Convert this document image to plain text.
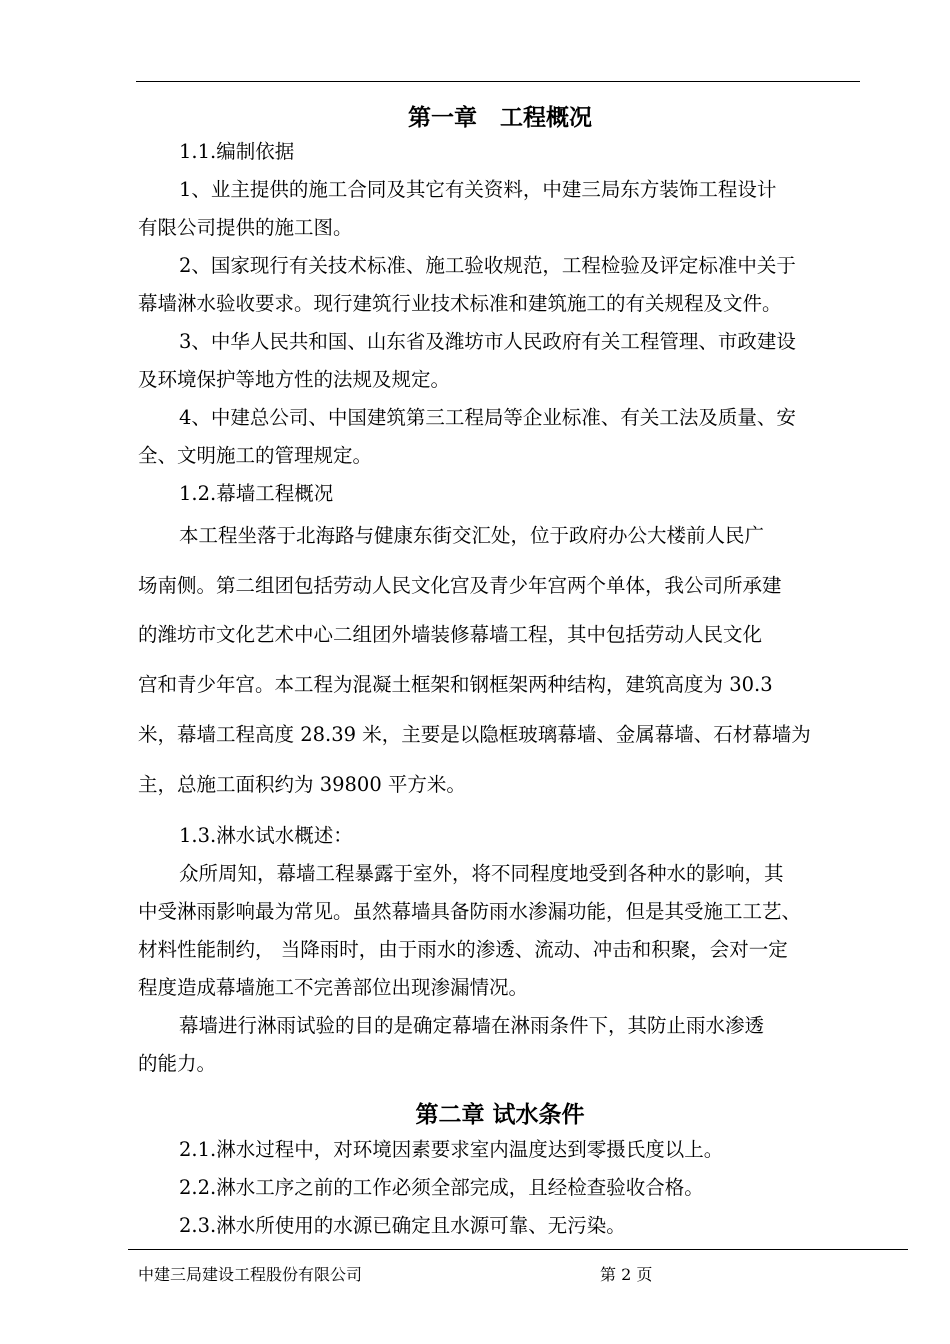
第一章　工程概况
1.1.编制依据
1、业主提供的施工合同及其它有关资料，中建三局东方装饰工程设计
有限公司提供的施工图。
2、国家现行有关技术标准、施工验收规范，工程检验及评定标准中关于
幕墙淋水验收要求。现行建筑行业技术标准和建筑施工的有关规程及文件。
3、中华人民共和国、山东省及潍坊市人民政府有关工程管理、市政建设
及环境保护等地方性的法规及规定。
4、中建总公司、中国建筑第三工程局等企业标准、有关工法及质量、安
全、文明施工的管理规定。
1.2.幕墙工程概况
本工程坐落于北海路与健康东街交汇处，位于政府办公大楼前人民广
场南侧。第二组团包括劳动人民文化宫及青少年宫两个单体，我公司所承建
的潍坊市文化艺术中心二组团外墙装修幕墙工程，其中包括劳动人民文化
宫和青少年宫。本工程为混凝土框架和钢框架两种结构，建筑高度为 30.3
米，幕墙工程高度 28.39 米，主要是以隐框玻璃幕墙、金属幕墙、石材幕墙为
主，总施工面积约为 39800 平方米。
1.3.淋水试水概述：
众所周知，幕墙工程暴露于室外，将不同程度地受到各种水的影响，其
中受淋雨影响最为常见。虽然幕墙具备防雨水渗漏功能，但是其受施工工艺、
材料性能制约， 当降雨时，由于雨水的渗透、流动、冲击和积聚，会对一定
程度造成幕墙施工不完善部位出现渗漏情况。
幕墙进行淋雨试验的目的是确定幕墙在淋雨条件下，其防止雨水渗透
的能力。
第二章 试水条件
2.1.淋水过程中，对环境因素要求室内温度达到零摄氏度以上。
2.2.淋水工序之前的工作必须全部完成，且经检查验收合格。
2.3.淋水所使用的水源已确定且水源可靠、无污染。
中建三局建设工程股份有限公司	第 2 页
